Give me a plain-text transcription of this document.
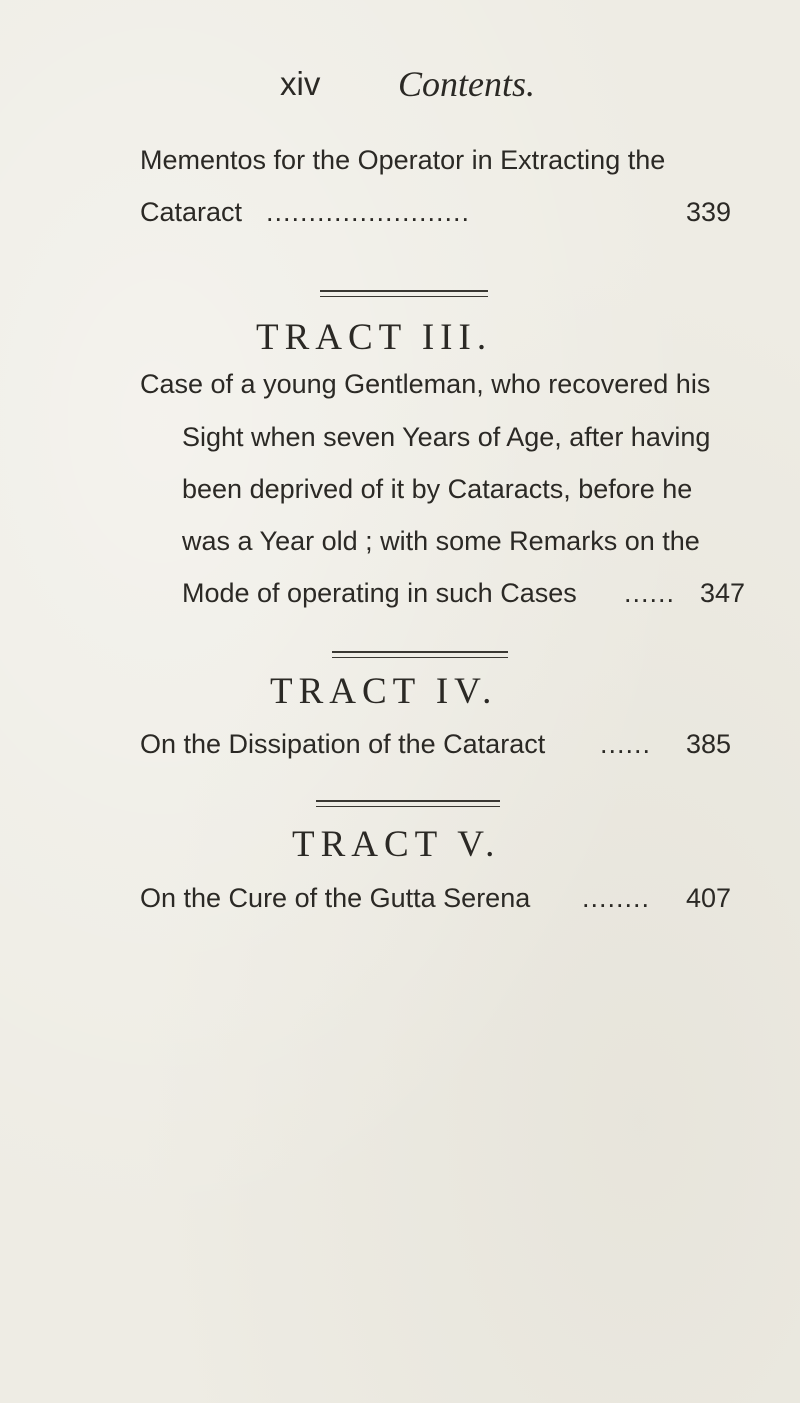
xiv Contents.
Mementos for the Operator in Extracting the
Cataract ........................	339
TRACT III.
Case of a young Gentleman, who recovered his
Sight when seven Years of Age, after having
been deprived of it by Cataracts, before he
was a Year old ; with some Remarks on the
Mode of operating in such Cases ...... 347
TRACT IV.
On the Dissipation of the Cataract ...... 385
TRACT V.
On the Cure of the Gutta Serena ........ 407
